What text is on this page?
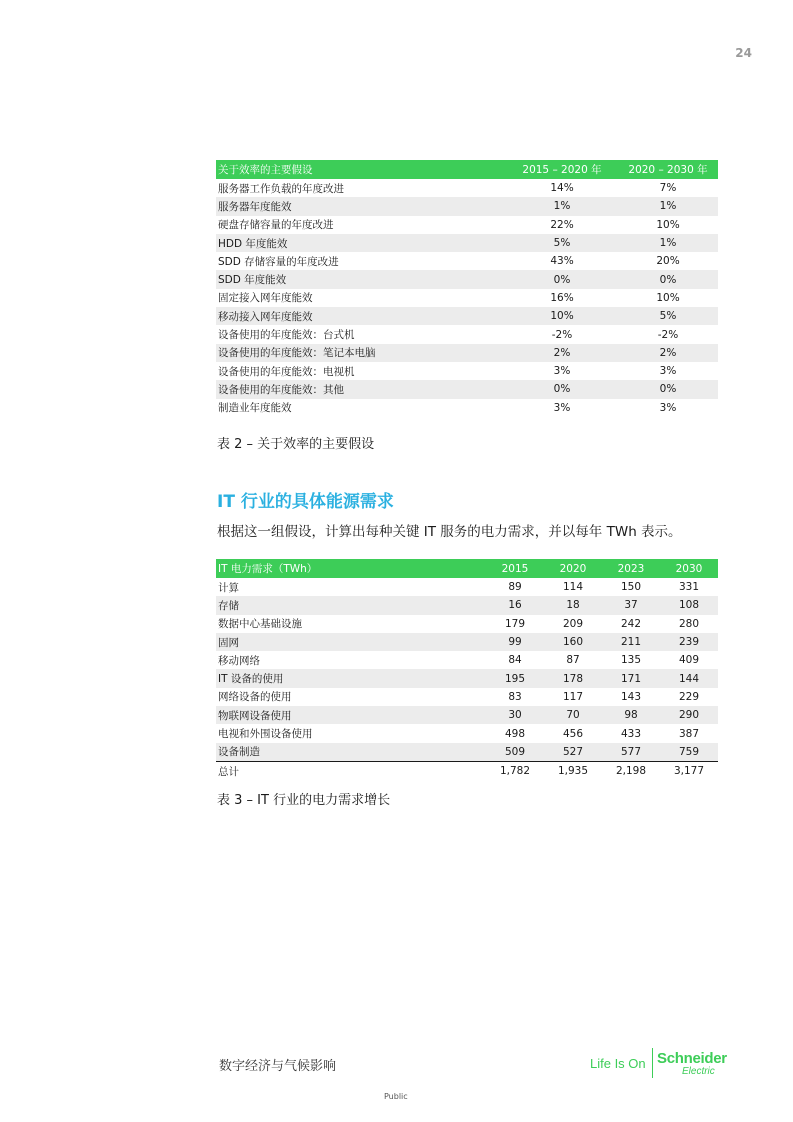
24
关于效率的主要假设	2015 – 2020 年	2020 – 2030 年
服务器工作负载的年度改进	14%	7%
服务器年度能效	1%	1%
硬盘存储容量的年度改进	22%	10%
HDD 年度能效	5%	1%
SDD 存储容量的年度改进	43%	20%
SDD 年度能效	0%	0%
固定接入网年度能效	16%	10%
移动接入网年度能效	10%	5%
设备使用的年度能效：台式机	-2%	-2%
设备使用的年度能效：笔记本电脑	2%	2%
设备使用的年度能效：电视机	3%	3%
设备使用的年度能效：其他	0%	0%
制造业年度能效	3%	3%
表 2 – 关于效率的主要假设
IT 行业的具体能源需求
根据这一组假设，计算出每种关键 IT 服务的电力需求，并以每年 TWh 表示。
IT 电力需求（TWh）	2015	2020	2023	2030
计算	89	114	150	331
存储	16	18	37	108
数据中心基础设施	179	209	242	280
固网	99	160	211	239
移动网络	84	87	135	409
IT 设备的使用	195	178	171	144
网络设备的使用	83	117	143	229
物联网设备使用	30	70	98	290
电视和外围设备使用	498	456	433	387
设备制造	509	527	577	759
总计	1,782	1,935	2,198	3,177
表 3 – IT 行业的电力需求增长
数字经济与气候影响
Public
Life Is On Schneider
Electric
